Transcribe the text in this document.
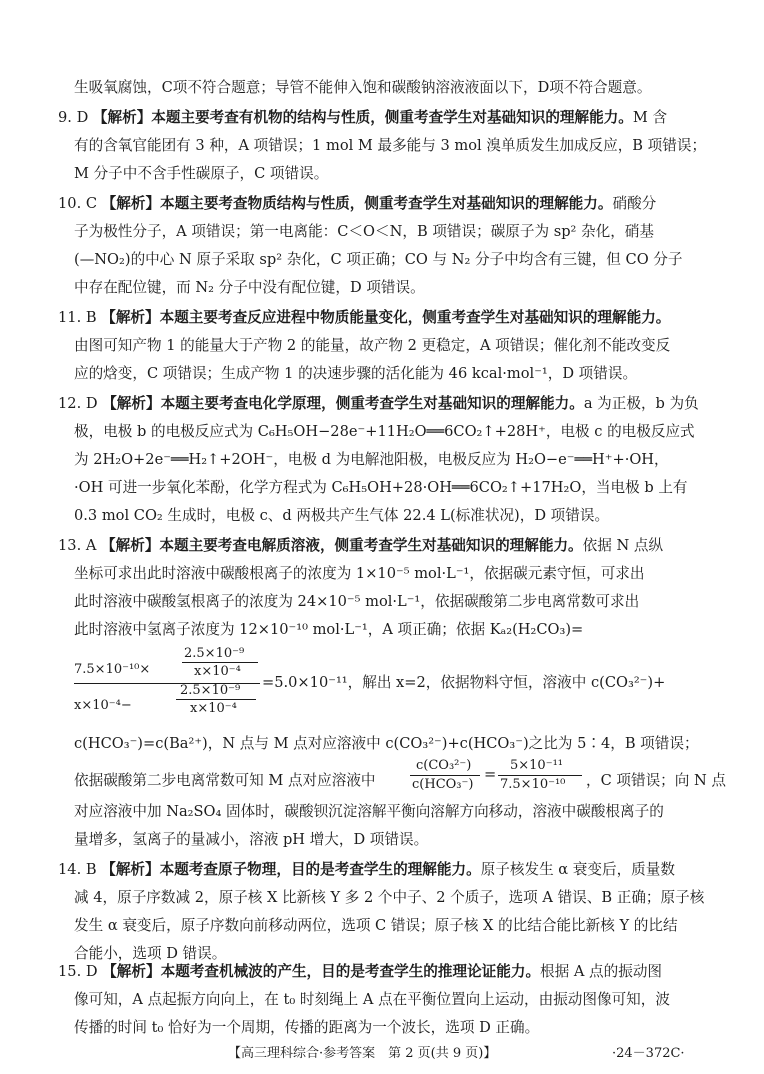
生吸氧腐蚀，C项不符合题意；导管不能伸入饱和碳酸钠溶液液面以下，D项不符合题意。
9. D 【解析】本题主要考查有机物的结构与性质，侧重考查学生对基础知识的理解能力。M 含
有的含氧官能团有 3 种，A 项错误；1 mol M 最多能与 3 mol 溴单质发生加成反应，B 项错误；
M 分子中不含手性碳原子，C 项错误。
10. C 【解析】本题主要考查物质结构与性质，侧重考查学生对基础知识的理解能力。硝酸分
子为极性分子，A 项错误；第一电离能：C＜O＜N，B 项错误；碳原子为 sp² 杂化，硝基
(—NO₂)的中心 N 原子采取 sp² 杂化，C 项正确；CO 与 N₂ 分子中均含有三键，但 CO 分子
中存在配位键，而 N₂ 分子中没有配位键，D 项错误。
11. B 【解析】本题主要考查反应进程中物质能量变化，侧重考查学生对基础知识的理解能力。
由图可知产物 1 的能量大于产物 2 的能量，故产物 2 更稳定，A 项错误；催化剂不能改变反
应的焓变，C 项错误；生成产物 1 的决速步骤的活化能为 46 kcal·mol⁻¹，D 项错误。
12. D 【解析】本题主要考查电化学原理，侧重考查学生对基础知识的理解能力。a 为正极，b 为负
极，电极 b 的电极反应式为 C₆H₅OH−28e⁻+11H₂O══6CO₂↑+28H⁺，电极 c 的电极反应式
为 2H₂O+2e⁻══H₂↑+2OH⁻，电极 d 为电解池阳极，电极反应为 H₂O−e⁻══H⁺+·OH，
·OH 可进一步氧化苯酚，化学方程式为 C₆H₅OH+28·OH══6CO₂↑+17H₂O，当电极 b 上有
0.3 mol CO₂ 生成时，电极 c、d 两极共产生气体 22.4 L(标准状况)，D 项错误。
13. A 【解析】本题主要考查电解质溶液，侧重考查学生对基础知识的理解能力。依据 N 点纵
坐标可求出此时溶液中碳酸根离子的浓度为 1×10⁻⁵ mol·L⁻¹，依据碳元素守恒，可求出
此时溶液中碳酸氢根离子的浓度为 24×10⁻⁵ mol·L⁻¹，依据碳酸第二步电离常数可求出
此时溶液中氢离子浓度为 12×10⁻¹⁰ mol·L⁻¹，A 项正确；依据 Kₐ₂(H₂CO₃)=
7.5×10⁻¹⁰×
2.5×10⁻⁹
x×10⁻⁴
x×10⁻⁴−
2.5×10⁻⁹
x×10⁻⁴
=5.0×10⁻¹¹，解出 x=2，依据物料守恒，溶液中 c(CO₃²⁻)+
c(HCO₃⁻)=c(Ba²⁺)，N 点与 M 点对应溶液中 c(CO₃²⁻)+c(HCO₃⁻)之比为 5∶4，B 项错误；
依据碳酸第二步电离常数可知 M 点对应溶液中
c(CO₃²⁻)
c(HCO₃⁻)
=
5×10⁻¹¹
7.5×10⁻¹⁰ ，C 项错误；向 N 点
对应溶液中加 Na₂SO₄ 固体时，碳酸钡沉淀溶解平衡向溶解方向移动，溶液中碳酸根离子的
量增多，氢离子的量减小，溶液 pH 增大，D 项错误。
14. B 【解析】本题考查原子物理，目的是考查学生的理解能力。原子核发生 α 衰变后，质量数
减 4，原子序数减 2，原子核 X 比新核 Y 多 2 个中子、2 个质子，选项 A 错误、B 正确；原子核
发生 α 衰变后，原子序数向前移动两位，选项 C 错误；原子核 X 的比结合能比新核 Y 的比结
合能小，选项 D 错误。
15. D 【解析】本题考查机械波的产生，目的是考查学生的推理论证能力。根据 A 点的振动图
像可知，A 点起振方向向上，在 t₀ 时刻绳上 A 点在平衡位置向上运动，由振动图像可知，波
【高三理科综合·参考答案　第 2 页(共 9 页)】	·24－372C·
传播的时间 t₀ 恰好为一个周期，传播的距离为一个波长，选项 D 正确。
